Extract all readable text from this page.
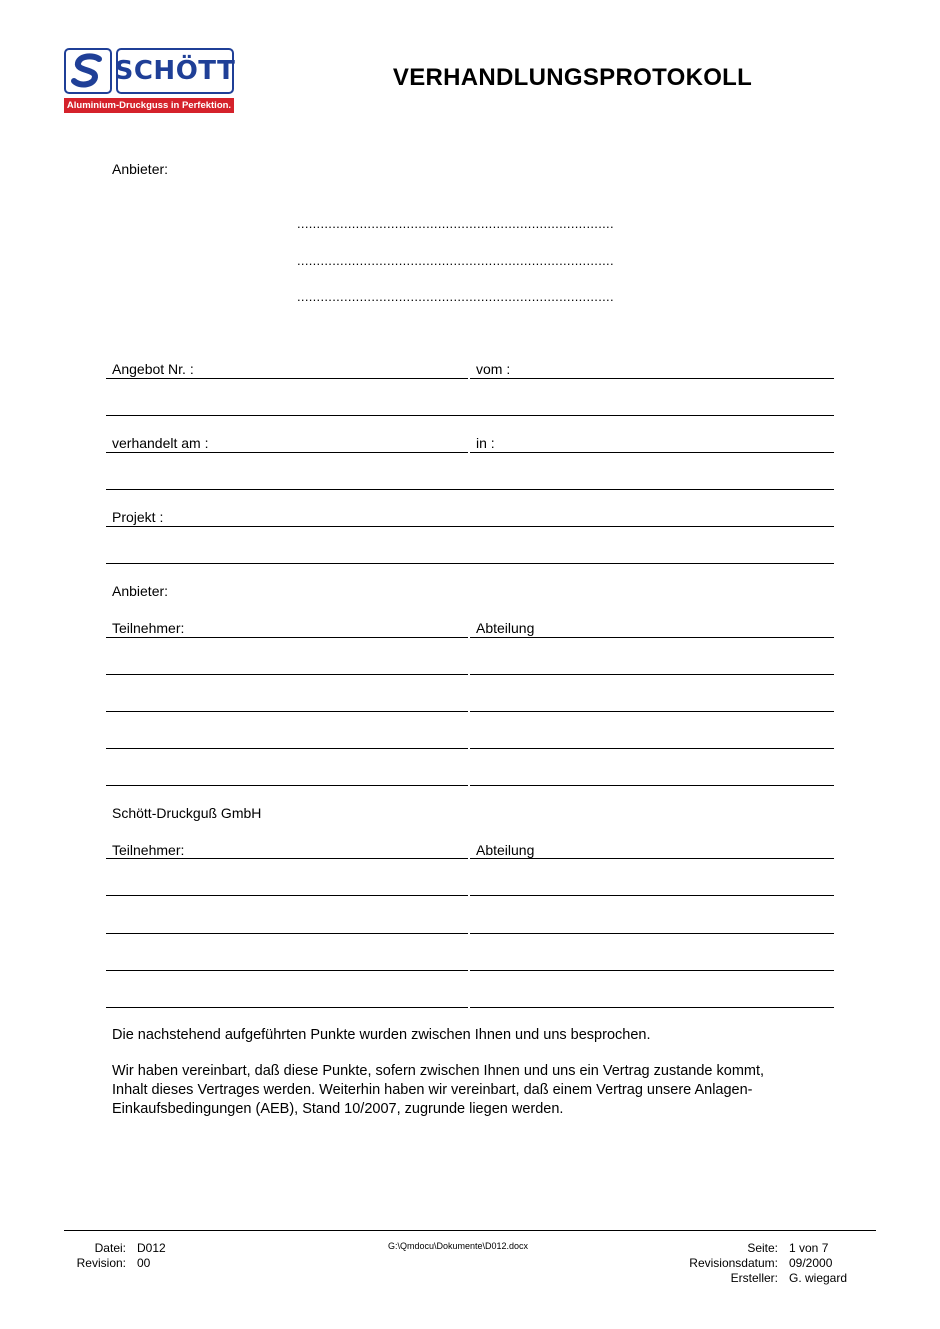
SCHÖTT
Aluminium-Druckguss in Perfektion.
VERHANDLUNGSPROTOKOLL
Anbieter:
.................................................................................
.................................................................................
.................................................................................
Angebot Nr. :	vom :
verhandelt am :	in :
Projekt :
Anbieter:
Teilnehmer:	Abteilung
Schött-Druckguß GmbH
Teilnehmer:	Abteilung
Die nachstehend aufgeführten Punkte wurden zwischen Ihnen und uns besprochen.
Wir haben vereinbart, daß diese Punkte, sofern zwischen Ihnen und uns ein Vertrag zustande kommt,
Inhalt dieses Vertrages werden. Weiterhin haben wir vereinbart, daß einem Vertrag unsere Anlagen-
Einkaufsbedingungen (AEB), Stand 10/2007, zugrunde liegen werden.
Datei: D012
Revision: 00
G:\Qmdocu\Dokumente\D012.docx	Seite: 1 von 7
Revisionsdatum: 09/2000
Ersteller: G. wiegard
